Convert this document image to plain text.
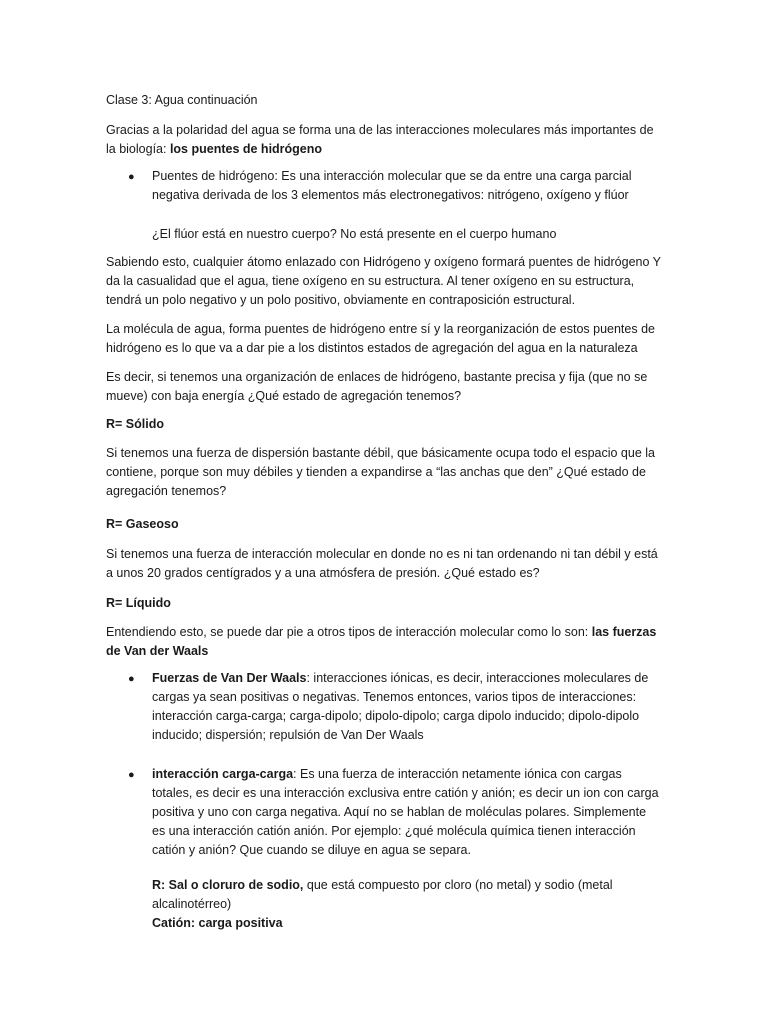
Clase 3: Agua continuación

Gracias a la polaridad del agua se forma una de las interacciones moleculares más importantes de la biología: los puentes de hidrógeno

● Puentes de hidrógeno: Es una interacción molecular que se da entre una carga parcial negativa derivada de los 3 elementos más electronegativos: nitrógeno, oxígeno y flúor

¿El flúor está en nuestro cuerpo? No está presente en el cuerpo humano

Sabiendo esto, cualquier átomo enlazado con Hidrógeno y oxígeno formará puentes de hidrógeno Y da la casualidad que el agua, tiene oxígeno en su estructura. Al tener oxígeno en su estructura, tendrá un polo negativo y un polo positivo, obviamente en contraposición estructural.

La molécula de agua, forma puentes de hidrógeno entre sí y la reorganización de estos puentes de hidrógeno es lo que va a dar pie a los distintos estados de agregación del agua en la naturaleza

Es decir, si tenemos una organización de enlaces de hidrógeno, bastante precisa y fija (que no se mueve) con baja energía ¿Qué estado de agregación tenemos?

R= Sólido

Si tenemos una fuerza de dispersión bastante débil, que básicamente ocupa todo el espacio que la contiene, porque son muy débiles y tienden a expandirse a “las anchas que den” ¿Qué estado de agregación tenemos?

R= Gaseoso

Si tenemos una fuerza de interacción molecular en donde no es ni tan ordenando ni tan débil y está a unos 20 grados centígrados y a una atmósfera de presión. ¿Qué estado es?

R= Líquido

Entendiendo esto, se puede dar pie a otros tipos de interacción molecular como lo son: las fuerzas de Van der Waals

● Fuerzas de Van Der Waals: interacciones iónicas, es decir, interacciones moleculares de cargas ya sean positivas o negativas. Tenemos entonces, varios tipos de interacciones: interacción carga-carga; carga-dipolo; dipolo-dipolo; carga dipolo inducido; dipolo-dipolo inducido; dispersión; repulsión de Van Der Waals

● interacción carga-carga: Es una fuerza de interacción netamente iónica con cargas totales, es decir es una interacción exclusiva entre catión y anión; es decir un ion con carga positiva y uno con carga negativa. Aquí no se hablan de moléculas polares. Simplemente es una interacción catión anión. Por ejemplo: ¿qué molécula química tienen interacción catión y anión? Que cuando se diluye en agua se separa.

R: Sal o cloruro de sodio, que está compuesto por cloro (no metal) y sodio (metal alcalinotérreo)

Catión: carga positiva
